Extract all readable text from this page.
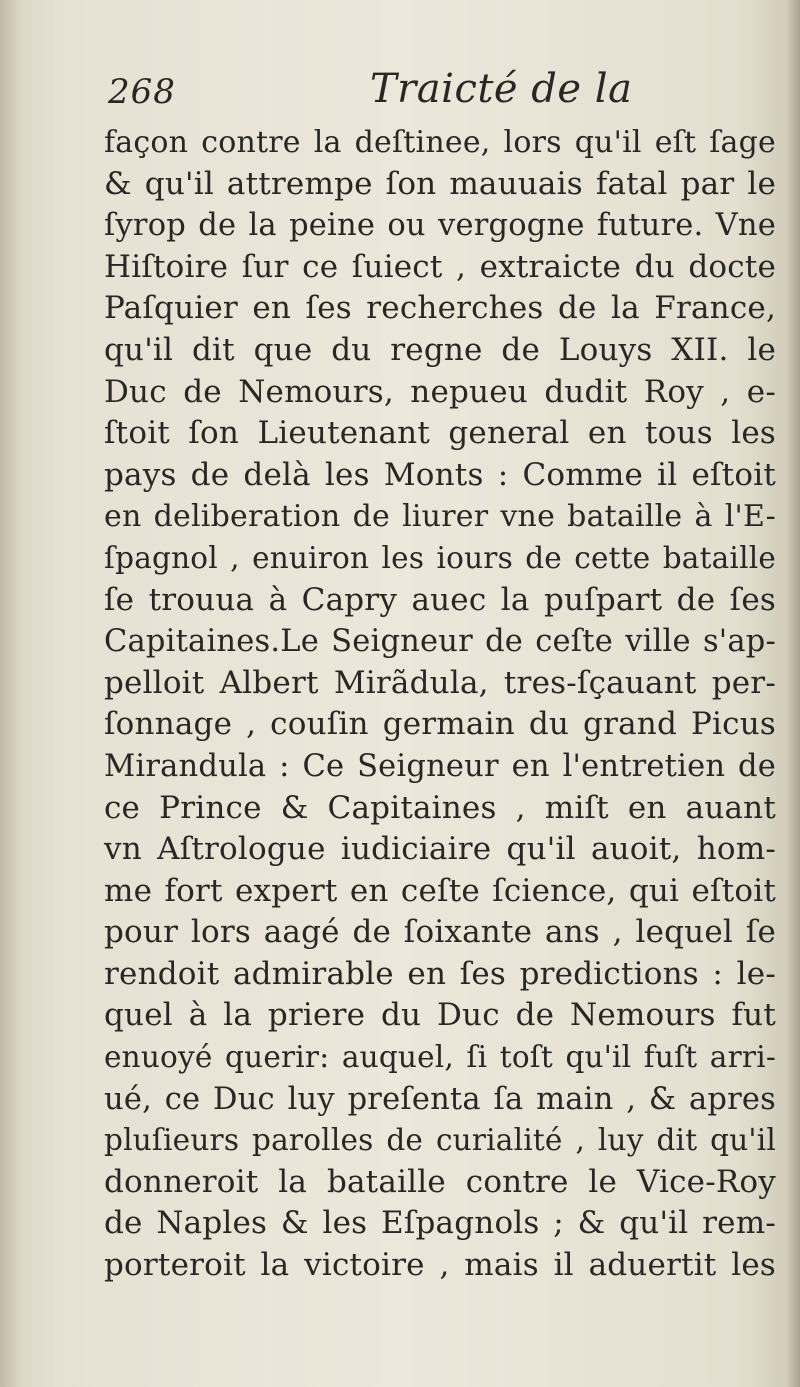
268	Traicté de la
façon contre la deſtinee, lors qu'il eſt ſage
& qu'il attrempe ſon mauuais fatal par le
ſyrop de la peine ou vergogne future. Vne
Hiſtoire ſur ce ſuiect , extraicte du docte
Paſquier en ſes recherches de la France,
qu'il dit que du regne de Louys XII. le
Duc de Nemours, nepueu dudit Roy , e-
ſtoit ſon Lieutenant general en tous les
pays de delà les Monts : Comme il eſtoit
en deliberation de liurer vne bataille à l'E-
ſpagnol , enuiron les iours de cette bataille
ſe trouua à Capry auec la puſpart de ſes
Capitaines.Le Seigneur de ceſte ville s'ap-
pelloit Albert Mirãdula, tres-ſçauant per-
ſonnage , couſin germain du grand Picus
Mirandula : Ce Seigneur en l'entretien de
ce Prince & Capitaines , miſt en auant
vn Aſtrologue iudiciaire qu'il auoit, hom-
me fort expert en ceſte ſcience, qui eſtoit
pour lors aagé de ſoixante ans , lequel ſe
rendoit admirable en ſes predictions : le-
quel à la priere du Duc de Nemours fut
enuoyé querir: auquel, ſi toſt qu'il fuſt arri-
ué, ce Duc luy preſenta ſa main , & apres
pluſieurs parolles de curialité , luy dit qu'il
donneroit la bataille contre le Vice-Roy
de Naples & les Eſpagnols ; & qu'il rem-
porteroit la victoire , mais il aduertit les
